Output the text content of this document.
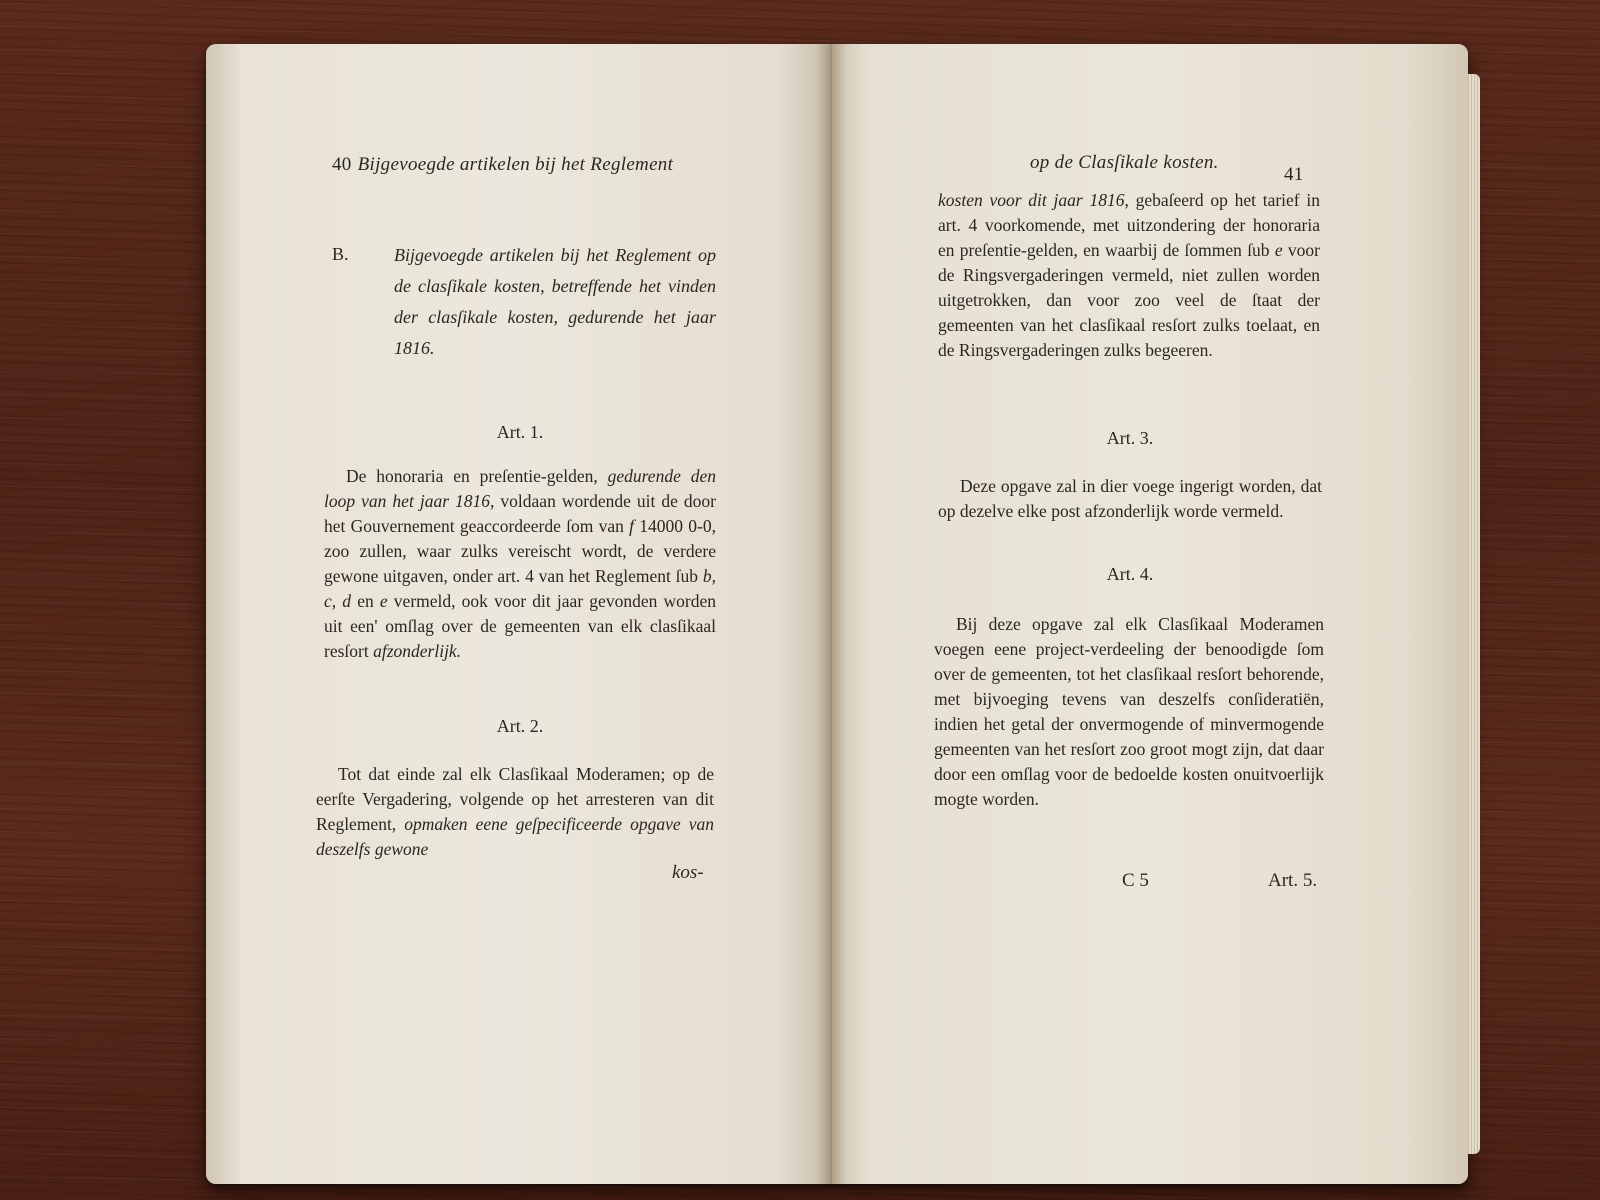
40 Bijgevoegde artikelen bij het Reglement
B.	Bijgevoegde artikelen bij het Reglement op de clasſikale kosten, betreffende het vinden der clasſikale kosten, gedurende het jaar 1816.
Art. 1.
De honoraria en preſentie-gelden, gedurende den loop van het jaar 1816, voldaan wordende uit de door het Gouvernement geaccordeerde ſom van f 14000 0-0, zoo zullen, waar zulks vereischt wordt, de verdere gewone uitgaven, onder art. 4 van het Reglement ſub b, c, d en e vermeld, ook voor dit jaar gevonden worden uit een' omſlag over de gemeenten van elk clasſikaal resſort afzonderlijk.
Art. 2.
Tot dat einde zal elk Clasſikaal Moderamen; op de eerſte Vergadering, volgende op het arresteren van dit Reglement, opmaken eene geſpecificeerde opgave van deszelfs gewone
kos-
op de Clasſikale kosten.
41
kosten voor dit jaar 1816, gebaſeerd op het tarief in art. 4 voorkomende, met uitzondering der honoraria en preſentie-gelden, en waarbij de ſommen ſub e voor de Ringsvergaderingen vermeld, niet zullen worden uitgetrokken, dan voor zoo veel de ſtaat der gemeenten van het clasſikaal resſort zulks toelaat, en de Ringsvergaderingen zulks begeeren.
Art. 3.
Deze opgave zal in dier voege ingerigt worden, dat op dezelve elke post afzonderlijk worde vermeld.
Art. 4.
Bij deze opgave zal elk Clasſikaal Moderamen voegen eene project-verdeeling der benoodigde ſom over de gemeenten, tot het clasſikaal resſort behorende, met bijvoeging tevens van deszelfs conſideratiën, indien het getal der onvermogende of minvermogende gemeenten van het resſort zoo groot mogt zijn, dat daar door een omſlag voor de bedoelde kosten onuitvoerlijk mogte worden.
C 5	Art. 5.
